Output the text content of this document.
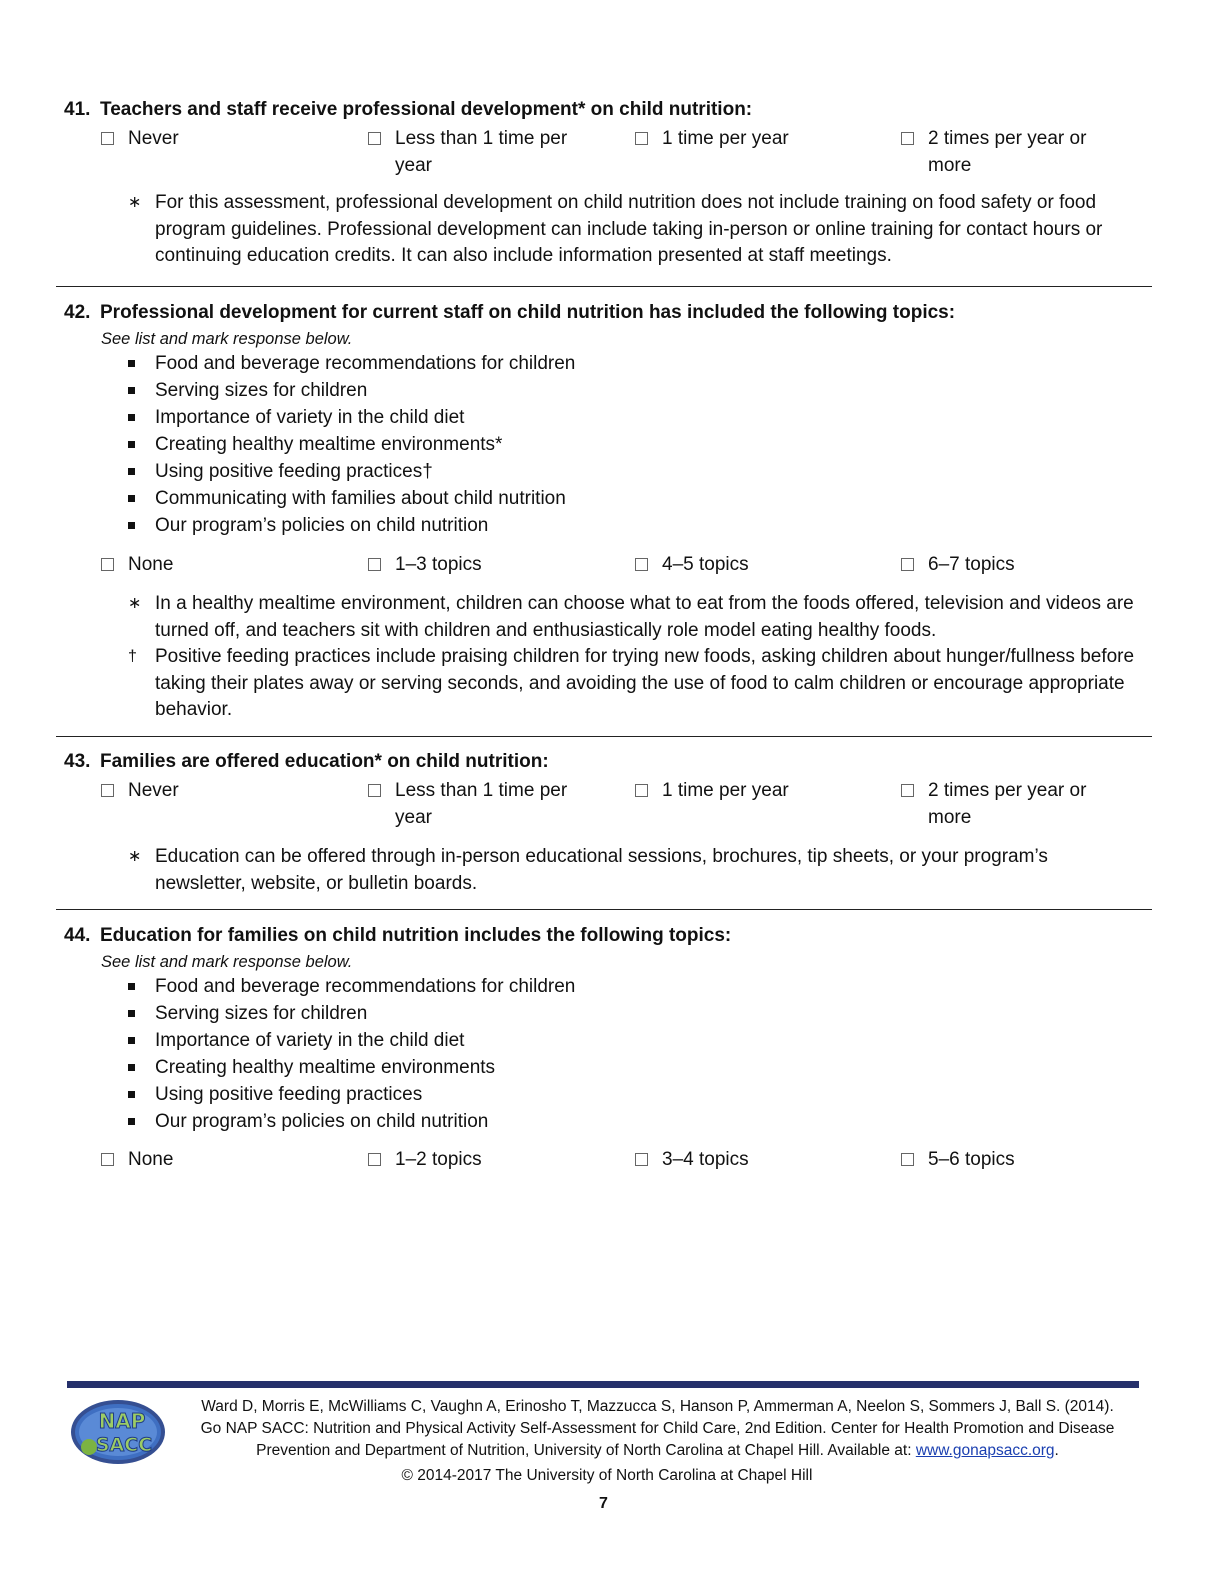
41. Teachers and staff receive professional development* on child nutrition:
Never	Less than 1 time per year
1 time per year	2 times per year or more
∗ For this assessment, professional development on child nutrition does not include training on food safety or food program guidelines. Professional development can include taking in-person or online training for contact hours or continuing education credits. It can also include information presented at staff meetings.
42. Professional development for current staff on child nutrition has included the following topics:
See list and mark response below.
Food and beverage recommendations for children
Serving sizes for children
Importance of variety in the child diet
Creating healthy mealtime environments*
Using positive feeding practices†
Communicating with families about child nutrition
Our program’s policies on child nutrition
None	1–3 topics	4–5 topics	6–7 topics
∗ In a healthy mealtime environment, children can choose what to eat from the foods offered, television and videos are turned off, and teachers sit with children and enthusiastically role model eating healthy foods.
† Positive feeding practices include praising children for trying new foods, asking children about hunger/fullness before taking their plates away or serving seconds, and avoiding the use of food to calm children or encourage appropriate behavior.
43. Families are offered education* on child nutrition:
Never	Less than 1 time per year
1 time per year	2 times per year or more
∗ Education can be offered through in-person educational sessions, brochures, tip sheets, or your program’s newsletter, website, or bulletin boards.
44. Education for families on child nutrition includes the following topics:
See list and mark response below.
Food and beverage recommendations for children
Serving sizes for children
Importance of variety in the child diet
Creating healthy mealtime environments
Using positive feeding practices
Our program’s policies on child nutrition
None	1–2 topics	3–4 topics	5–6 topics
NAP
SACC
Ward D, Morris E, McWilliams C, Vaughn A, Erinosho T, Mazzucca S, Hanson P, Ammerman A, Neelon S, Sommers J, Ball S. (2014).
Go NAP SACC: Nutrition and Physical Activity Self-Assessment for Child Care, 2nd Edition. Center for Health Promotion and Disease
Prevention and Department of Nutrition, University of North Carolina at Chapel Hill. Available at: www.gonapsacc.org.
© 2014-2017 The University of North Carolina at Chapel Hill
7
